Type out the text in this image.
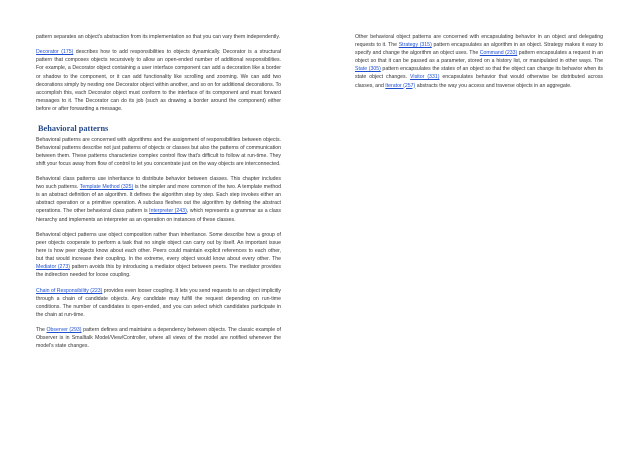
pattern separates an object's abstraction from its implementation so that you can vary them independently.

Decorator (175) describes how to add responsibilities to objects dynamically. Decorator is a structural pattern that composes objects recursively to allow an open-ended number of additional responsibilities. For example, a Decorator object containing a user interface component can add a decoration like a border or shadow to the component, or it can add functionality like scrolling and zooming. We can add two decorations simply by nesting one Decorator object within another, and so on for additional decorations. To accomplish this, each Decorator object must conform to the interface of its component and must forward messages to it. The Decorator can do its job (such as drawing a border around the component) either before or after forwarding a message.

Behavioral patterns

Behavioral patterns are concerned with algorithms and the assignment of responsibilities between objects. Behavioral patterns describe not just patterns of objects or classes but also the patterns of communication between them. These patterns characterize complex control flow that's difficult to follow at run-time. They shift your focus away from flow of control to let you concentrate just on the way objects are interconnected.

Behavioral class patterns use inheritance to distribute behavior between classes. This chapter includes two such patterns. Template Method (325) is the simpler and more common of the two. A template method is an abstract definition of an algorithm. It defines the algorithm step by step. Each step invokes either an abstract operation or a primitive operation. A subclass fleshes out the algorithm by defining the abstract operations. The other behavioral class pattern is Interpreter (243), which represents a grammar as a class hierarchy and implements an interpreter as an operation on instances of these classes.

Behavioral object patterns use object composition rather than inheritance. Some describe how a group of peer objects cooperate to perform a task that no single object can carry out by itself. An important issue here is how peer objects know about each other. Peers could maintain explicit references to each other, but that would increase their coupling. In the extreme, every object would know about every other. The Mediator (273) pattern avoids this by introducing a mediator object between peers. The mediator provides the indirection needed for loose coupling.

Chain of Responsibility (223) provides even looser coupling. It lets you send requests to an object implicitly through a chain of candidate objects. Any candidate may fulfill the request depending on run-time conditions. The number of candidates is open-ended, and you can select which candidates participate in the chain at run-time.

The Observer (293) pattern defines and maintains a dependency between objects. The classic example of Observer is in Smalltalk Model/View/Controller, where all views of the model are notified whenever the model's state changes.

Other behavioral object patterns are concerned with encapsulating behavior in an object and delegating requests to it. The Strategy (315) pattern encapsulates an algorithm in an object. Strategy makes it easy to specify and change the algorithm an object uses. The Command (233) pattern encapsulates a request in an object so that it can be passed as a parameter, stored on a history list, or manipulated in other ways. The State (305) pattern encapsulates the states of an object so that the object can change its behavior when its state object changes. Visitor (331) encapsulates behavior that would otherwise be distributed across classes, and Iterator (257) abstracts the way you access and traverse objects in an aggregate.
